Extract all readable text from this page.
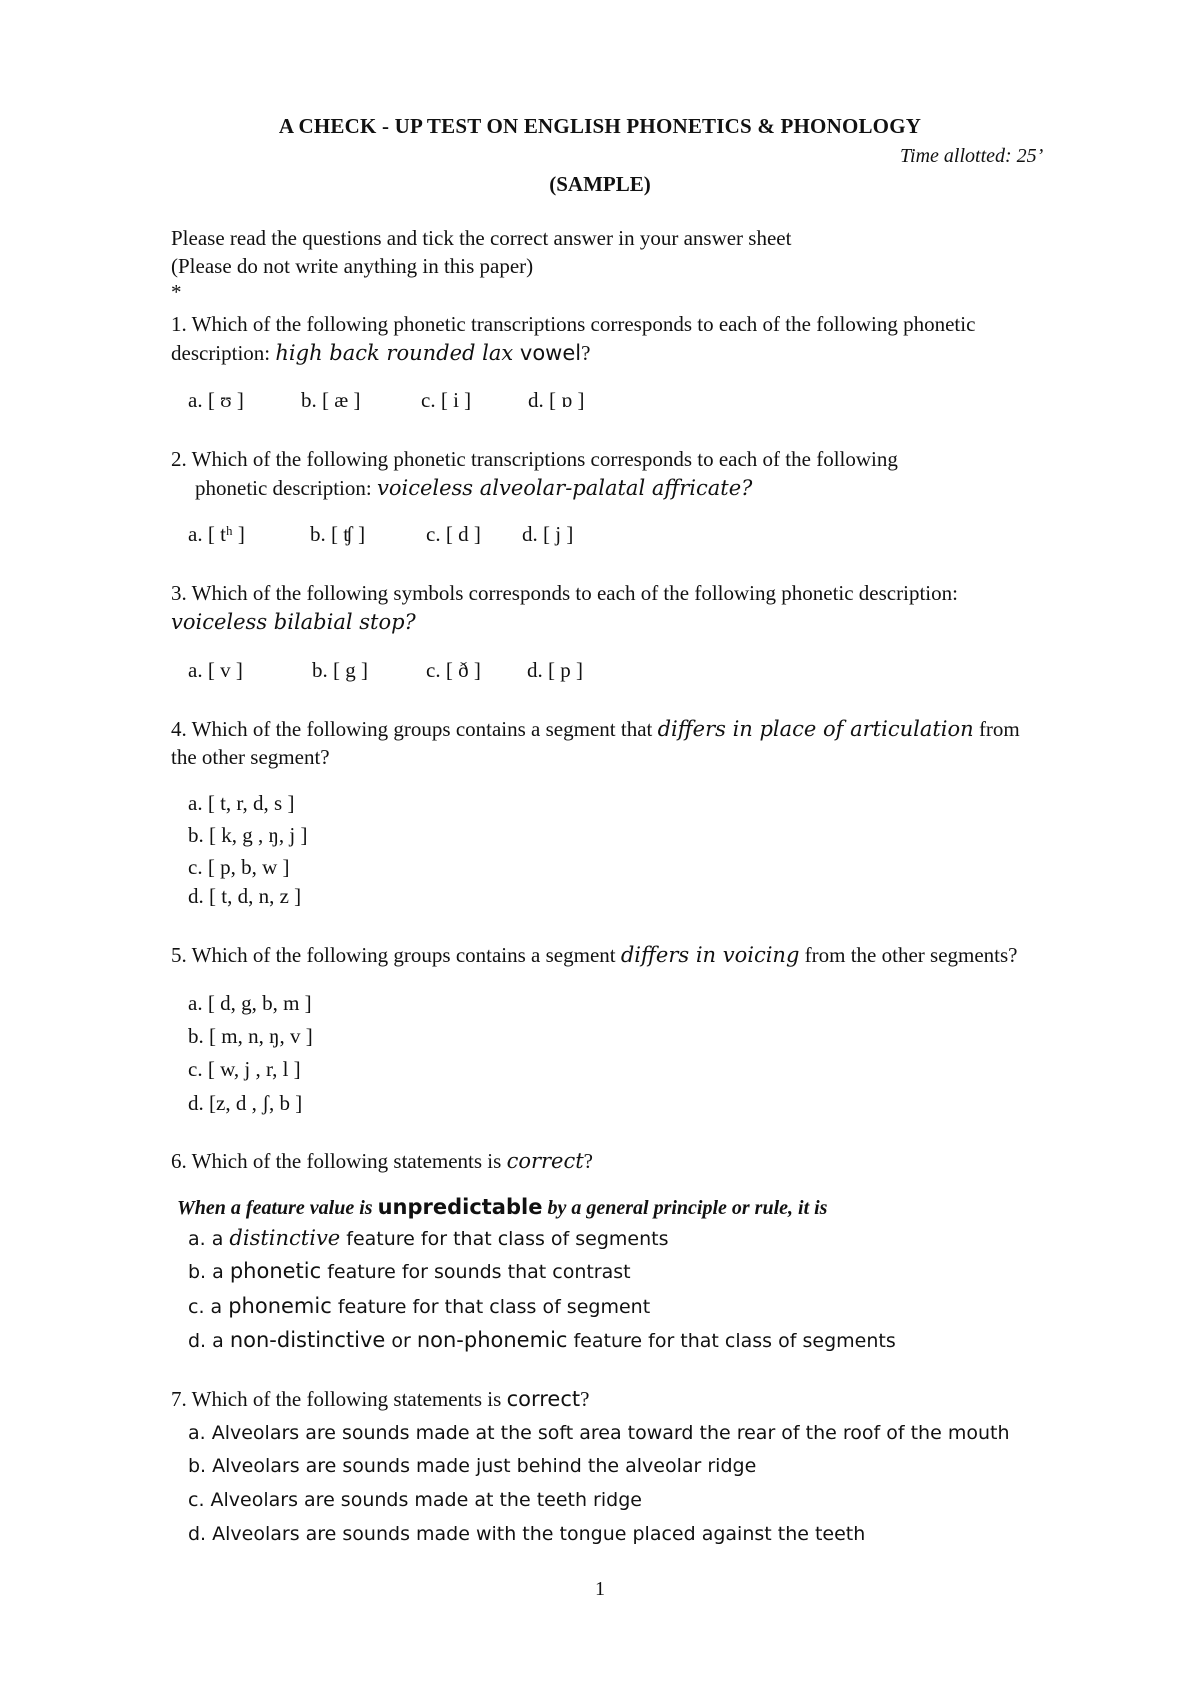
A CHECK - UP TEST ON ENGLISH PHONETICS & PHONOLOGY
Time allotted: 25’
(SAMPLE)
Please read the questions and tick the correct answer in your answer sheet
(Please do not write anything in this paper)
*
1. Which of the following phonetic transcriptions corresponds to each of the following phonetic
description: high back rounded lax vowel?
a. [ ʊ ]	b. [ æ ]	c. [ i ]	d. [ ɒ ]
2. Which of the following phonetic transcriptions corresponds to each of the following
phonetic description: voiceless alveolar-palatal affricate?
a. [ tʰ ]	b. [ ʧ ]	c. [ d ] d. [ j ]
3. Which of the following symbols corresponds to each of the following phonetic description:
voiceless bilabial stop?
a. [ v ]	b. [ g ]	c. [ ð ] d. [ p ]
4. Which of the following groups contains a segment that differs in place of articulation from
the other segment?
a. [ t, r, d, s ]
b. [ k, g , ŋ, j ]
c. [ p, b, w ]
d. [ t, d, n, z ]
5. Which of the following groups contains a segment differs in voicing from the other segments?
a. [ d, g, b, m ]
b. [ m, n, ŋ, v ]
c. [ w, j , r, l ]
d. [z, d , ʃ, b ]
6. Which of the following statements is correct?
When a feature value is unpredictable by a general principle or rule, it is
a. a distinctive feature for that class of segments
b. a phonetic feature for sounds that contrast
c. a phonemic feature for that class of segment
d. a non-distinctive or non-phonemic feature for that class of segments
7. Which of the following statements is correct?
a. Alveolars are sounds made at the soft area toward the rear of the roof of the mouth
b. Alveolars are sounds made just behind the alveolar ridge
c. Alveolars are sounds made at the teeth ridge
d. Alveolars are sounds made with the tongue placed against the teeth
1
